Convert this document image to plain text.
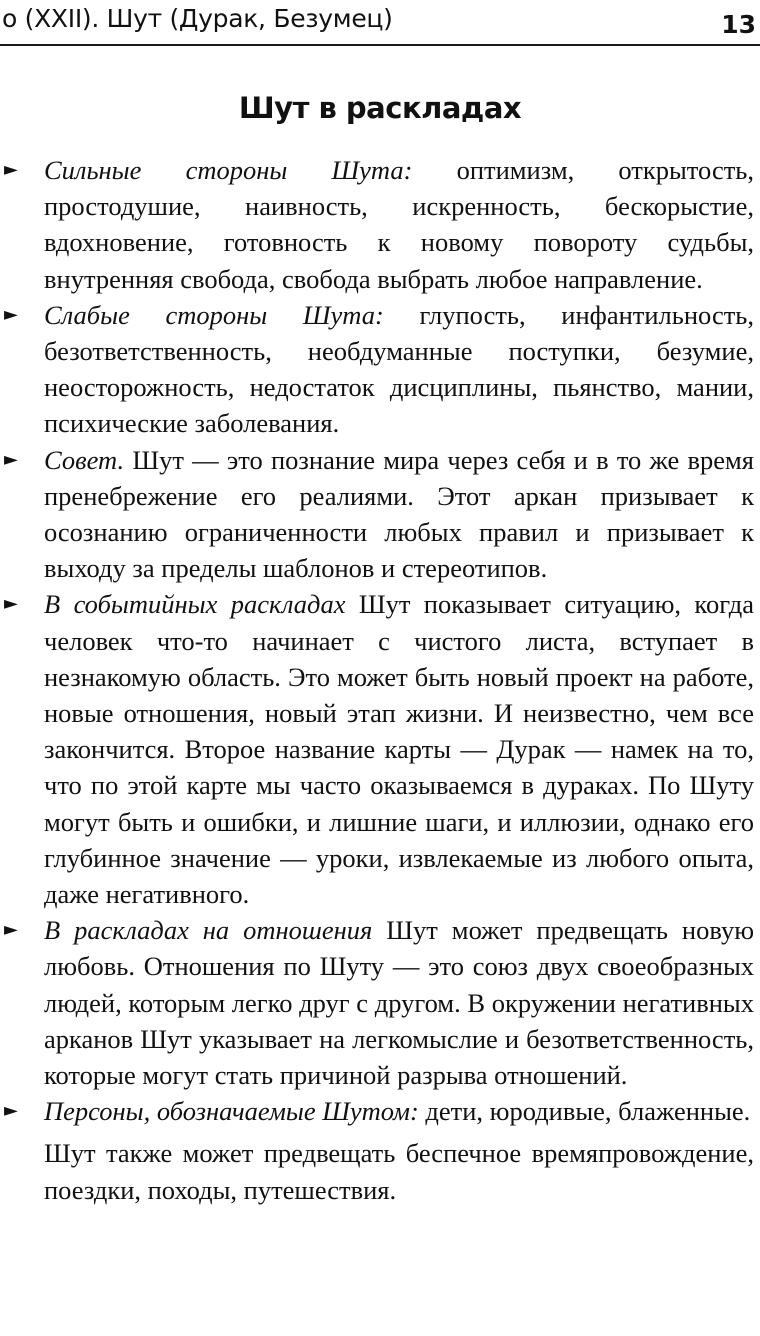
о (XXII). Шут (Дурак, Безумец)	13
Шут в раскладах
► Сильные стороны Шута: оптимизм, открытость, простодушие, наивность, искренность, бескорыстие, вдохновение, готовность к новому повороту судьбы, внутренняя свобода, свобода выбрать любое направление.
► Слабые стороны Шута: глупость, инфантильность, безответственность, необдуманные поступки, безумие, неосторожность, недостаток дисциплины, пьянство, мании, психические заболевания.
► Совет. Шут — это познание мира через себя и в то же время пренебрежение его реалиями. Этот аркан призывает к осознанию ограниченности любых правил и призывает к выходу за пределы шаблонов и стереотипов.
► В событийных раскладах Шут показывает ситуацию, когда человек что-то начинает с чистого листа, вступает в незнакомую область. Это может быть новый проект на работе, новые отношения, новый этап жизни. И неизвестно, чем все закончится. Второе название карты — Дурак — намек на то, что по этой карте мы часто оказываемся в дураках. По Шуту могут быть и ошибки, и лишние шаги, и иллюзии, однако его глубинное значение — уроки, извлекаемые из любого опыта, даже негативного.
► В раскладах на отношения Шут может предвещать новую любовь. Отношения по Шуту — это союз двух своеобразных людей, которым легко друг с другом. В окружении негативных арканов Шут указывает на легкомыслие и безответственность, которые могут стать причиной разрыва отношений.
► Персоны, обозначаемые Шутом: дети, юродивые, блаженные.
Шут также может предвещать беспечное времяпровождение, поездки, походы, путешествия.
